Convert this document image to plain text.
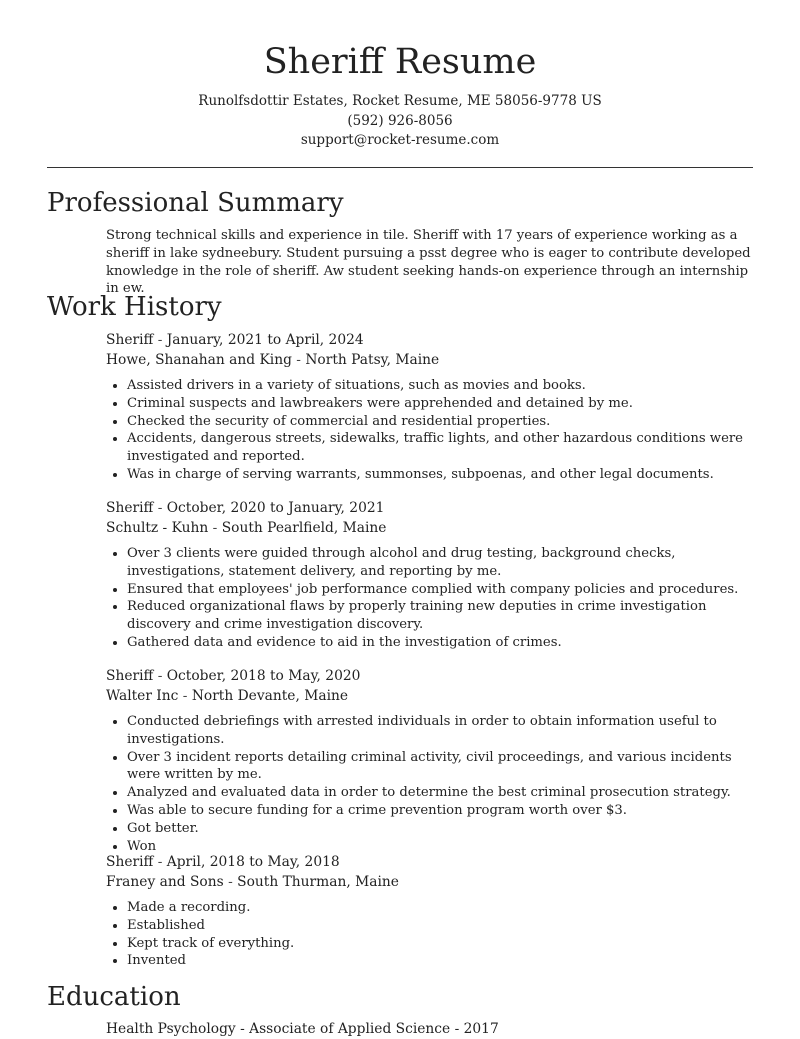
Sheriff Resume
Runolfsdottir Estates, Rocket Resume, ME 58056-9778 US
(592) 926-8056
support@rocket-resume.com
Professional Summary

Strong technical skills and experience in tile. Sheriff with 17 years of experience working as a sheriff in lake sydneebury. Student pursuing a psst degree who is eager to contribute developed knowledge in the role of sheriff. Aw student seeking hands-on experience through an internship in ew.

Work History
Sheriff - January, 2021 to April, 2024
Howe, Shanahan and King - North Patsy, Maine
• Assisted drivers in a variety of situations, such as movies and books.
• Criminal suspects and lawbreakers were apprehended and detained by me.
• Checked the security of commercial and residential properties.
• Accidents, dangerous streets, sidewalks, traffic lights, and other hazardous conditions were investigated and reported.
• Was in charge of serving warrants, summonses, subpoenas, and other legal documents.
Sheriff - October, 2020 to January, 2021
Schultz - Kuhn - South Pearlfield, Maine
• Over 3 clients were guided through alcohol and drug testing, background checks, investigations, statement delivery, and reporting by me.
• Ensured that employees' job performance complied with company policies and procedures.
• Reduced organizational flaws by properly training new deputies in crime investigation discovery and crime investigation discovery.
• Gathered data and evidence to aid in the investigation of crimes.
Sheriff - October, 2018 to May, 2020
Walter Inc - North Devante, Maine
• Conducted debriefings with arrested individuals in order to obtain information useful to investigations.
• Over 3 incident reports detailing criminal activity, civil proceedings, and various incidents were written by me.
• Analyzed and evaluated data in order to determine the best criminal prosecution strategy.
• Was able to secure funding for a crime prevention program worth over $3.
• Got better.
• Won
Sheriff - April, 2018 to May, 2018
Franey and Sons - South Thurman, Maine
• Made a recording.
• Established
• Kept track of everything.
• Invented
Education
Health Psychology - Associate of Applied Science - 2017
